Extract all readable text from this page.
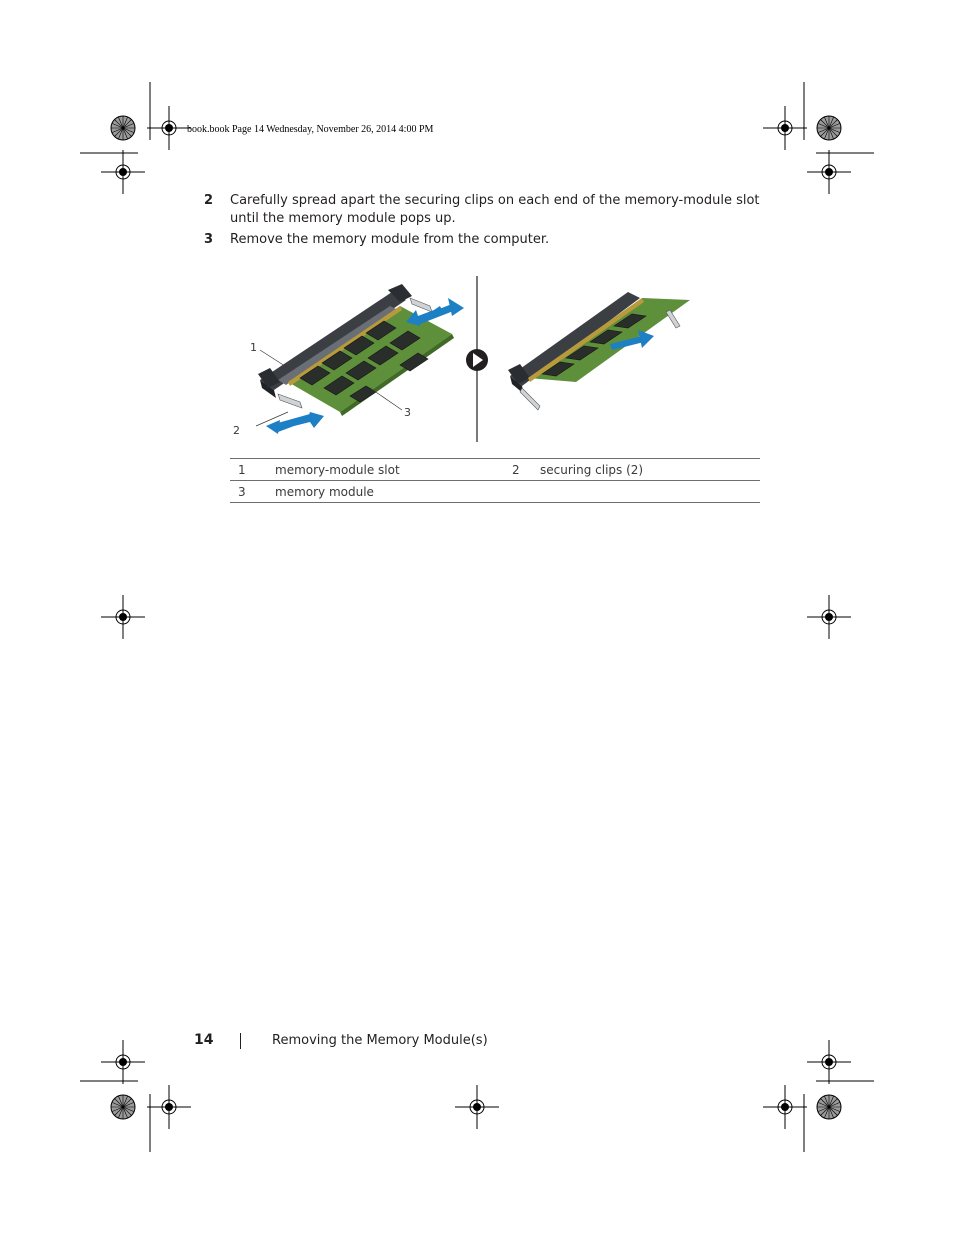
book.book Page 14 Wednesday, November 26, 2014 4:00 PM
2 Carefully spread apart the securing clips on each end of the memory-module slot
until the memory module pops up.
3 Remove the memory module from the computer.
1
2
3
1	memory-module slot	2	securing clips (2)
3	memory module		
14	Removing the Memory Module(s)
